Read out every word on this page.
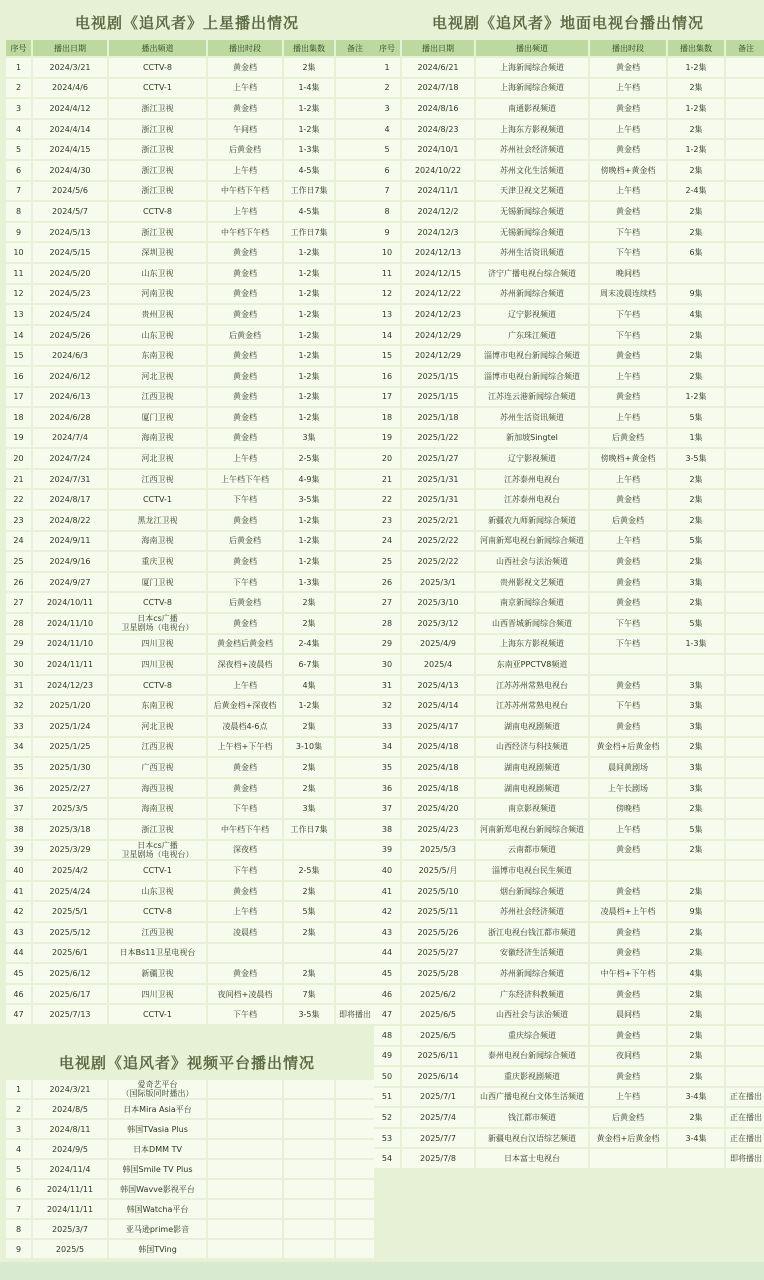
电视剧《追风者》上星播出情况
序号	播出日期	播出频道	播出时段	播出集数	备注
1	2024/3/21	CCTV-8	黄金档	2集	
2	2024/4/6	CCTV-1	上午档	1-4集	
3	2024/4/12	浙江卫视	黄金档	1-2集	
4	2024/4/14	浙江卫视	午间档	1-2集	
5	2024/4/15	浙江卫视	后黄金档	1-3集	
6	2024/4/30	浙江卫视	上午档	4-5集	
7	2024/5/6	浙江卫视	中午档下午档	工作日7集	
8	2024/5/7	CCTV-8	上午档	4-5集	
9	2024/5/13	浙江卫视	中午档下午档	工作日7集	
10	2024/5/15	深圳卫视	黄金档	1-2集	
11	2024/5/20	山东卫视	黄金档	1-2集	
12	2024/5/23	河南卫视	黄金档	1-2集	
13	2024/5/24	贵州卫视	黄金档	1-2集	
14	2024/5/26	山东卫视	后黄金档	1-2集	
15	2024/6/3	东南卫视	黄金档	1-2集	
16	2024/6/12	河北卫视	黄金档	1-2集	
17	2024/6/13	江西卫视	黄金档	1-2集	
18	2024/6/28	厦门卫视	黄金档	1-2集	
19	2024/7/4	海南卫视	黄金档	3集	
20	2024/7/24	河北卫视	上午档	2-5集	
21	2024/7/31	江西卫视	上午档下午档	4-9集	
22	2024/8/17	CCTV-1	下午档	3-5集	
23	2024/8/22	黑龙江卫视	黄金档	1-2集	
24	2024/9/11	海南卫视	后黄金档	1-2集	
25	2024/9/16	重庆卫视	黄金档	1-2集	
26	2024/9/27	厦门卫视	下午档	1-3集	
27	2024/10/11	CCTV-8	后黄金档	2集	
28	2024/11/10	日本cs广播
卫星剧场（电视台）	黄金档	2集	
29	2024/11/10	四川卫视	黄金档后黄金档	2-4集	
30	2024/11/11	四川卫视	深夜档+凌晨档	6-7集	
31	2024/12/23	CCTV-8	上午档	4集	
32	2025/1/20	东南卫视	后黄金档+深夜档	1-2集	
33	2025/1/24	河北卫视	凌晨档4-6点	2集	
34	2025/1/25	江西卫视	上午档+下午档	3-10集	
35	2025/1/30	广西卫视	黄金档	2集	
36	2025/2/27	海西卫视	黄金档	2集	
37	2025/3/5	海南卫视	下午档	3集	
38	2025/3/18	浙江卫视	中午档下午档	工作日7集	
39	2025/3/29	日本cs广播
卫星剧场（电视台）	深夜档		
40	2025/4/2	CCTV-1	下午档	2-5集	
41	2025/4/24	山东卫视	黄金档	2集	
42	2025/5/1	CCTV-8	上午档	5集	
43	2025/5/12	江西卫视	凌晨档	2集	
44	2025/6/1	日本Bs11卫星电视台			
45	2025/6/12	新疆卫视	黄金档	2集	
46	2025/6/17	四川卫视	夜间档+凌晨档	7集	
47	2025/7/13	CCTV-1	下午档	3-5集	即将播出
电视剧《追风者》视频平台播出情况
1	2024/3/21	爱奇艺平台
（国际版同时播出）			
2	2024/8/5	日本Mira Asia平台			
3	2024/8/11	韩国TVasia Plus			
4	2024/9/5	日本DMM TV			
5	2024/11/4	韩国Smile TV Plus			
6	2024/11/11	韩国Wavve影视平台			
7	2024/11/11	韩国Watcha平台			
8	2025/3/7	亚马逊prime影音			
9	2025/5	韩国TVing			
电视剧《追风者》地面电视台播出情况
序号	播出日期	播出频道	播出时段	播出集数	备注
1	2024/6/21	上海新闻综合频道	黄金档	1-2集	
2	2024/7/18	上海新闻综合频道	上午档	2集	
3	2024/8/16	南通影视频道	黄金档	1-2集	
4	2024/8/23	上海东方影视频道	上午档	2集	
5	2024/10/1	苏州社会经济频道	黄金档	1-2集	
6	2024/10/22	苏州文化生活频道	傍晚档+黄金档	2集	
7	2024/11/1	天津卫视文艺频道	上午档	2-4集	
8	2024/12/2	无锡新闻综合频道	黄金档	2集	
9	2024/12/3	无锡新闻综合频道	下午档	2集	
10	2024/12/13	苏州生活资讯频道	下午档	6集	
11	2024/12/15	济宁广播电视台综合频道	晚间档		
12	2024/12/22	苏州新闻综合频道	周末凌晨连续档	9集	
13	2024/12/23	辽宁影视频道	下午档	4集	
14	2024/12/29	广东珠江频道	下午档	2集	
15	2024/12/29	淄博市电视台新闻综合频道	黄金档	2集	
16	2025/1/15	淄博市电视台新闻综合频道	上午档	2集	
17	2025/1/15	江苏连云港新闻综合频道	黄金档	1-2集	
18	2025/1/18	苏州生活资讯频道	上午档	5集	
19	2025/1/22	新加坡Singtel	后黄金档	1集	
20	2025/1/27	辽宁影视频道	傍晚档+黄金档	3-5集	
21	2025/1/31	江苏泰州电视台	上午档	2集	
22	2025/1/31	江苏泰州电视台	黄金档	2集	
23	2025/2/21	新疆农九师新闻综合频道	后黄金档	2集	
24	2025/2/22	河南新郑电视台新闻综合频道	上午档	5集	
25	2025/2/22	山西社会与法治频道	黄金档	2集	
26	2025/3/1	贵州影视文艺频道	黄金档	3集	
27	2025/3/10	南京新闻综合频道	黄金档	2集	
28	2025/3/12	山西晋城新闻综合频道	下午档	5集	
29	2025/4/9	上海东方影视频道	下午档	1-3集	
30	2025/4	东南亚PPCTV8频道			
31	2025/4/13	江苏苏州常熟电视台	黄金档	3集	
32	2025/4/14	江苏苏州常熟电视台	下午档	3集	
33	2025/4/17	湖南电视剧频道	黄金档	3集	
34	2025/4/18	山西经济与科技频道	黄金档+后黄金档	2集	
35	2025/4/18	湖南电视剧频道	晨间黄剧场	3集	
36	2025/4/18	湖南电视剧频道	上午长剧场	3集	
37	2025/4/20	南京影视频道	傍晚档	2集	
38	2025/4/23	河南新郑电视台新闻综合频道	上午档	5集	
39	2025/5/3	云南都市频道	黄金档	2集	
40	2025/5/月	淄博市电视台民生频道			
41	2025/5/10	烟台新闻综合频道	黄金档	2集	
42	2025/5/11	苏州社会经济频道	凌晨档+上午档	9集	
43	2025/5/26	浙江电视台钱江都市频道	黄金档	2集	
44	2025/5/27	安徽经济生活频道	黄金档	2集	
45	2025/5/28	苏州新闻综合频道	中午档+下午档	4集	
46	2025/6/2	广东经济科教频道	黄金档	2集	
47	2025/6/5	山西社会与法治频道	晨间档	2集	
48	2025/6/5	重庆综合频道	黄金档	2集	
49	2025/6/11	泰州电视台新闻综合频道	夜间档	2集	
50	2025/6/14	重庆影视剧频道	黄金档	2集	
51	2025/7/1	山西广播电视台文体生活频道	上午档	3-4集	正在播出
52	2025/7/4	钱江都市频道	后黄金档	2集	正在播出
53	2025/7/7	新疆电视台汉语综艺频道	黄金档+后黄金档	3-4集	正在播出
54	2025/7/8	日本富士电视台			即将播出
